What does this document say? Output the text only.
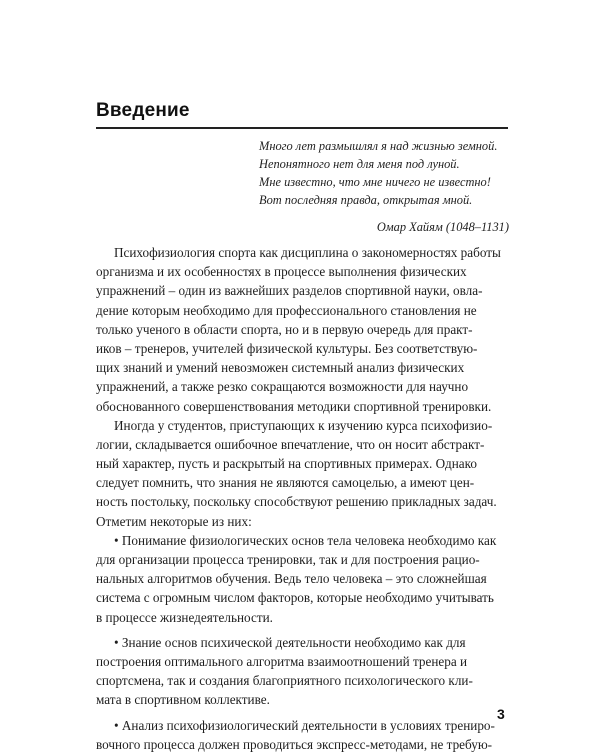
Введение
Много лет размышлял я над жизнью земной.
Непонятного нет для меня под луной.
Мне известно, что мне ничего не известно!
Вот последняя правда, открытая мной.
Омар Хайям (1048–1131)
Психофизиология спорта как дисциплина о закономерностях работы
организма и их особенностях в процессе выполнения физических
упражнений – один из важнейших разделов спортивной науки, овла-
дение которым необходимо для профессионального становления не
только ученого в области спорта, но и в первую очередь для практ-
иков – тренеров, учителей физической культуры. Без соответствую-
щих знаний и умений невозможен системный анализ физических
упражнений, а также резко сокращаются возможности для научно
обоснованного совершенствования методики спортивной тренировки.
Иногда у студентов, приступающих к изучению курса психофизио-
логии, складывается ошибочное впечатление, что он носит абстракт-
ный характер, пусть и раскрытый на спортивных примерах. Однако
следует помнить, что знания не являются самоцелью, а имеют цен-
ность постольку, поскольку способствуют решению прикладных задач.
Отметим некоторые из них:
• Понимание физиологических основ тела человека необходимо как
для организации процесса тренировки, так и для построения рацио-
нальных алгоритмов обучения. Ведь тело человека – это сложнейшая
система с огромным числом факторов, которые необходимо учитывать
в процессе жизнедеятельности.
• Знание основ психической деятельности необходимо как для
построения оптимального алгоритма взаимоотношений тренера и
спортсмена, так и создания благоприятного психологического кли-
мата в спортивном коллективе.
• Анализ психофизиологический деятельности в условиях трениро-
вочного процесса должен проводиться экспресс-методами, не требую-
3
